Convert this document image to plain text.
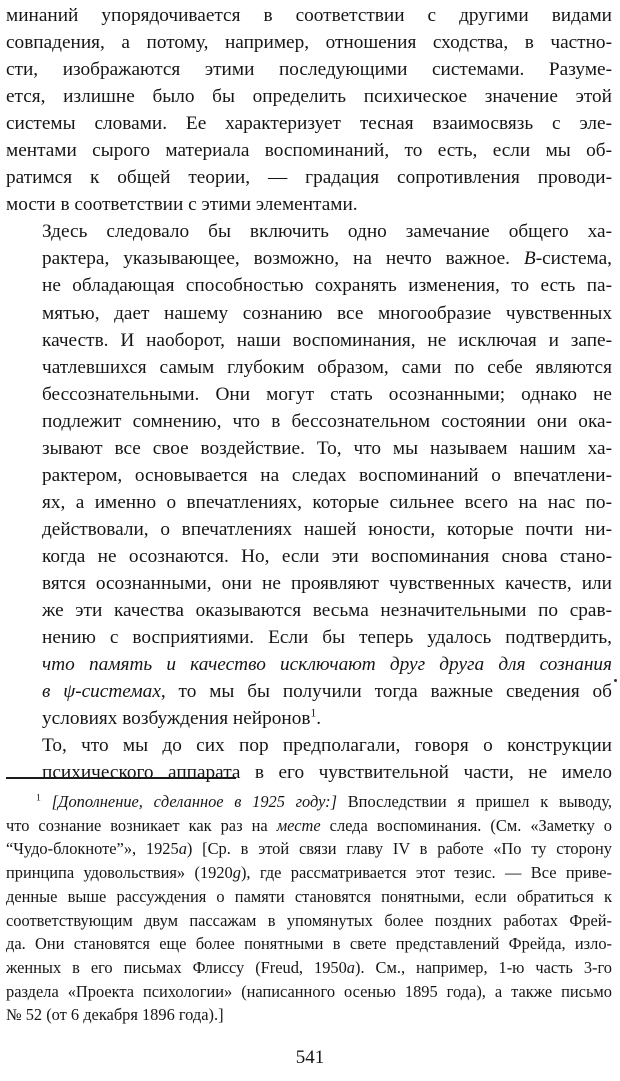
минаний упорядочивается в соответствии с другими видами
совпадения, а потому, например, отношения сходства, в частно-
сти, изображаются этими последующими системами. Разуме-
ется, излишне было бы определить психическое значение этой
системы словами. Ее характеризует тесная взаимосвязь с эле-
ментами сырого материала воспоминаний, то есть, если мы об-
ратимся к общей теории, — градация сопротивления проводи-
мости в соответствии с этими элементами.

Здесь следовало бы включить одно замечание общего ха-
рактера, указывающее, возможно, на нечто важное. B-система,
не обладающая способностью сохранять изменения, то есть па-
мятью, дает нашему сознанию все многообразие чувственных
качеств. И наоборот, наши воспоминания, не исключая и запе-
чатлевшихся самым глубоким образом, сами по себе являются
бессознательными. Они могут стать осознанными; однако не
подлежит сомнению, что в бессознательном состоянии они ока-
зывают все свое воздействие. То, что мы называем нашим ха-
рактером, основывается на следах воспоминаний о впечатлени-
ях, а именно о впечатлениях, которые сильнее всего на нас по-
действовали, о впечатлениях нашей юности, которые почти ни-
когда не осознаются. Но, если эти воспоминания снова стано-
вятся осознанными, они не проявляют чувственных качеств, или
же эти качества оказываются весьма незначительными по срав-
нению с восприятиями. Если бы теперь удалось подтвердить,
что память и качество исключают друг друга для сознания
в ψ-системах, то мы бы получили тогда важные сведения об
условиях возбуждения нейронов$^1$.

То, что мы до сих пор предполагали, говоря о конструкции
психического аппарата в его чувствительной части, не имело

$^1$ [Дополнение, сделанное в 1925 году:] Впоследствии я пришел к выводу,
что сознание возникает как раз на месте следа воспоминания. (См. «Заметку о
“Чудо-блокноте”», 1925a) [Ср. в этой связи главу IV в работе «По ту сторону
принципа удовольствия» (1920g), где рассматривается этот тезис. — Все приве-
денные выше рассуждения о памяти становятся понятными, если обратиться к
соответствующим двум пассажам в упомянутых более поздних работах Фрей-
да. Они становятся еще более понятными в свете представлений Фрейда, изло-
женных в его письмах Флиссу (Freud, 1950a). См., например, 1-ю часть 3-го
раздела «Проекта психологии» (написанного осенью 1895 года), а также письмо
№ 52 (от 6 декабря 1896 года).]
541
